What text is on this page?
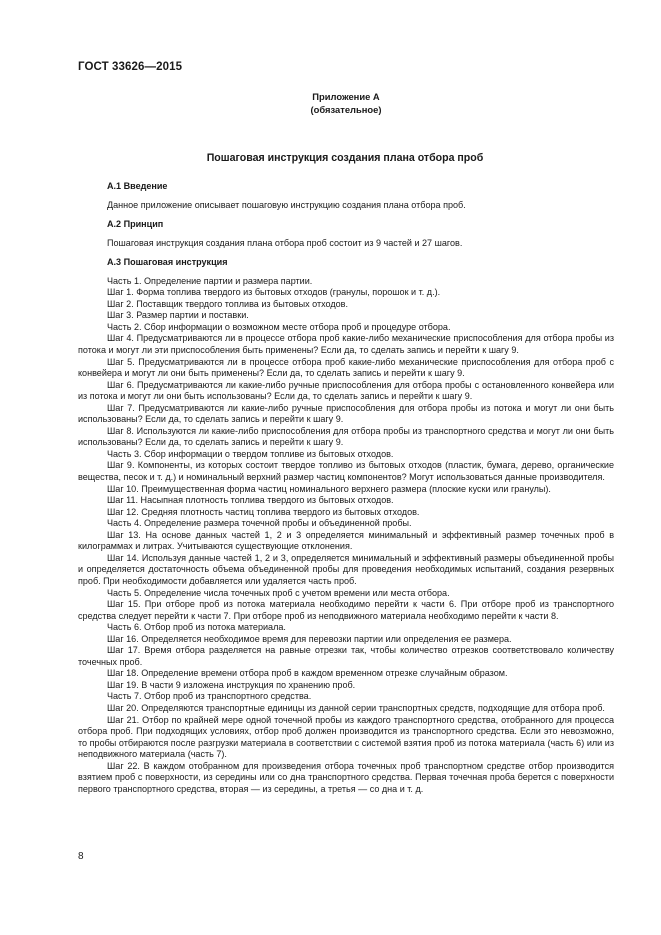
ГОСТ 33626—2015
Приложение А
(обязательное)
Пошаговая инструкция создания плана отбора проб

А.1 Введение

Данное приложение описывает пошаговую инструкцию создания плана отбора проб.

А.2 Принцип

Пошаговая инструкция создания плана отбора проб состоит из 9 частей и 27 шагов.

А.3 Пошаговая инструкция

Часть 1. Определение партии и размера партии.

Шаг 1. Форма топлива твердого из бытовых отходов (гранулы, порошок и т. д.).

Шаг 2. Поставщик твердого топлива из бытовых отходов.

Шаг 3. Размер партии и поставки.

Часть 2. Сбор информации о возможном месте отбора проб и процедуре отбора.

Шаг 4. Предусматриваются ли в процессе отбора проб какие-либо механические приспособления для отбора пробы из потока и могут ли эти приспособления быть применены? Если да, то сделать запись и перейти к шагу 9.

Шаг 5. Предусматриваются ли в процессе отбора проб какие-либо механические приспособления для отбора проб с конвейера и могут ли они быть применены? Если да, то сделать запись и перейти к шагу 9.

Шаг 6. Предусматриваются ли какие-либо ручные приспособления для отбора пробы с остановленного конвейера или из потока и могут ли они быть использованы? Если да, то сделать запись и перейти к шагу 9.

Шаг 7. Предусматриваются ли какие-либо ручные приспособления для отбора пробы из потока и могут ли они быть использованы? Если да, то сделать запись и перейти к шагу 9.

Шаг 8. Используются ли какие-либо приспособления для отбора пробы из транспортного средства и могут ли они быть использованы? Если да, то сделать запись и перейти к шагу 9.

Часть 3. Сбор информации о твердом топливе из бытовых отходов.

Шаг 9. Компоненты, из которых состоит твердое топливо из бытовых отходов (пластик, бумага, дерево, органические вещества, песок и т. д.) и номинальный верхний размер частиц компонентов? Могут использоваться данные производителя.

Шаг 10. Преимущественная форма частиц номинального верхнего размера (плоские куски или гранулы).

Шаг 11. Насыпная плотность топлива твердого из бытовых отходов.

Шаг 12. Средняя плотность частиц топлива твердого из бытовых отходов.

Часть 4. Определение размера точечной пробы и объединенной пробы.

Шаг 13. На основе данных частей 1, 2 и 3 определяется минимальный и эффективный размер точечных проб в килограммах и литрах. Учитываются существующие отклонения.

Шаг 14. Используя данные частей 1, 2 и 3, определяется минимальный и эффективный размеры объединенной пробы и определяется достаточность объема объединенной пробы для проведения необходимых испытаний, создания резервных проб. При необходимости добавляется или удаляется часть проб.

Часть 5. Определение числа точечных проб с учетом времени или места отбора.

Шаг 15. При отборе проб из потока материала необходимо перейти к части 6. При отборе проб из транспортного средства следует перейти к части 7. При отборе проб из неподвижного материала необходимо перейти к части 8.

Часть 6. Отбор проб из потока материала.

Шаг 16. Определяется необходимое время для перевозки партии или определения ее размера.

Шаг 17. Время отбора разделяется на равные отрезки так, чтобы количество отрезков соответствовало количеству точечных проб.

Шаг 18. Определение времени отбора проб в каждом временном отрезке случайным образом.

Шаг 19. В части 9 изложена инструкция по хранению проб.

Часть 7. Отбор проб из транспортного средства.

Шаг 20. Определяются транспортные единицы из данной серии транспортных средств, подходящие для отбора проб.

Шаг 21. Отбор по крайней мере одной точечной пробы из каждого транспортного средства, отобранного для процесса отбора проб. При подходящих условиях, отбор проб должен производится из транспортного средства. Если это невозможно, то пробы отбираются после разгрузки материала в соответствии с системой взятия проб из потока материала (часть 6) или из неподвижного материала (часть 7).

Шаг 22. В каждом отобранном для произведения отбора точечных проб транспортном средстве отбор производится взятием проб с поверхности, из середины или со дна транспортного средства. Первая точечная проба берется с поверхности первого транспортного средства, вторая — из середины, а третья — со дна и т. д.

8
